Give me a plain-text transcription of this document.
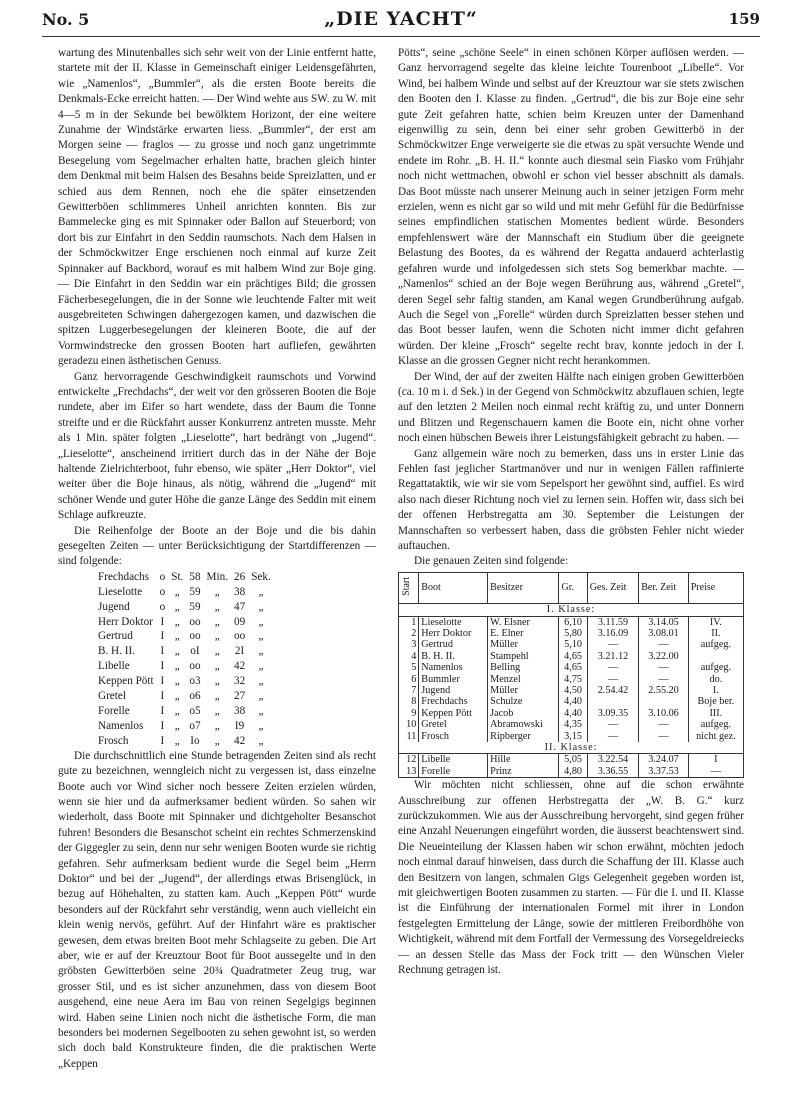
No. 5	„DIE YACHT“	159

wartung des Minutenballes sich sehr weit von der Linie entfernt hatte, startete mit der II. Klasse in Gemeinschaft einiger Leidensgefährten, wie „Namenlos“, „Bummler“, als die ersten Boote bereits die Denkmals-Ecke erreicht hatten. — Der Wind wehte aus SW. zu W. mit 4—5 m in der Sekunde bei bewölktem Horizont, der eine weitere Zunahme der Windstärke erwarten liess. „Bummler“, der erst am Morgen seine — fraglos — zu grosse und noch ganz ungetrimmte Besegelung vom Segelmacher erhalten hatte, brachen gleich hinter dem Denkmal mit beim Halsen des Besahns beide Spreizlatten, und er schied aus dem Rennen, noch ehe die später einsetzenden Gewitterböen schlimmeres Unheil anrichten konnten. Bis zur Bammelecke ging es mit Spinnaker oder Ballon auf Steuerbord; von dort bis zur Einfahrt in den Seddin raumschots. Nach dem Halsen in der Schmöckwitzer Enge erschienen noch einmal auf kurze Zeit Spinnaker auf Backbord, worauf es mit halbem Wind zur Boje ging. — Die Einfahrt in den Seddin war ein prächtiges Bild; die grossen Fächerbesegelungen, die in der Sonne wie leuchtende Falter mit weit ausgebreiteten Schwingen dahergezogen kamen, und dazwischen die spitzen Luggerbesegelungen der kleineren Boote, die auf der Vormwindstrecke den grossen Booten hart aufliefen, gewährten geradezu einen ästhetischen Genuss.

Ganz hervorragende Geschwindigkeit raumschots und Vorwind entwickelte „Frechdachs“, der weit vor den grösseren Booten die Boje rundete, aber im Eifer so hart wendete, dass der Baum die Tonne streifte und er die Rückfahrt ausser Konkurrenz antreten musste. Mehr als 1 Min. später folgten „Lieselotte“, hart bedrängt von „Jugend“. „Lieselotte“, anscheinend irritiert durch das in der Nähe der Boje haltende Zielrichterboot, fuhr ebenso, wie später „Herr Doktor“, viel weiter über die Boje hinaus, als nötig, während die „Jugend“ mit schöner Wende und guter Höhe die ganze Länge des Seddin mit einem Schlage aufkreuzte.

Die Reihenfolge der Boote an der Boje und die bis dahin gesegelten Zeiten — unter Berücksichtigung der Startdifferenzen — sind folgende:

Frechdachs	o	St.	58	Min.	26	Sek.
Lieselotte	o	„	59	„	38	„
Jugend	o	„	59	„	47	„
Herr Doktor	I	„	oo	„	09	„
Gertrud	I	„	oo	„	oo	„
B. H. II.	I	„	oI	„	2I	„
Libelle	I	„	oo	„	42	„
Keppen Pött	I	„	o3	„	32	„
Gretel	I	„	o6	„	27	„
Forelle	I	„	o5	„	38	„
Namenlos	I	„	o7	„	I9	„
Frosch	I	„	Io	„	42	„

Die durchschnittlich eine Stunde betragenden Zeiten sind als recht gute zu bezeichnen, wenngleich nicht zu vergessen ist, dass einzelne Boote auch vor Wind sicher noch bessere Zeiten erzielen würden, wenn sie hier und da aufmerksamer bedient würden. So sahen wir wiederholt, dass Boote mit Spinnaker und dichtgeholter Besanschot fuhren! Besonders die Besanschot scheint ein rechtes Schmerzenskind der Giggegler zu sein, denn nur sehr wenigen Booten wurde sie richtig gefahren. Sehr aufmerksam bedient wurde die Segel beim „Herrn Doktor“ und bei der „Jugend“, der allerdings etwas Brisenglück, in bezug auf Höhehalten, zu statten kam. Auch „Keppen Pött“ wurde besonders auf der Rückfahrt sehr verständig, wenn auch vielleicht ein klein wenig nervös, geführt. Auf der Hinfahrt wäre es praktischer gewesen, dem etwas breiten Boot mehr Schlagseite zu geben. Die Art aber, wie er auf der Kreuztour Boot für Boot aussegelte und in den gröbsten Gewitterböen seine 20¾ Quadratmeter Zeug trug, war grosser Stil, und es ist sicher anzunehmen, dass von diesem Boot ausgehend, eine neue Aera im Bau von reinen Segelgigs beginnen wird. Haben seine Linien noch nicht die ästhetische Form, die man besonders bei modernen Segelbooten zu sehen gewohnt ist, so werden sich doch bald Konstrukteure finden, die die praktischen Werte „Keppen

Pötts“, seine „schöne Seele“ in einen schönen Körper auflösen werden. — Ganz hervorragend segelte das kleine leichte Tourenboot „Libelle“. Vor Wind, bei halbem Winde und selbst auf der Kreuztour war sie stets zwischen den Booten den I. Klasse zu finden. „Gertrud“, die bis zur Boje eine sehr gute Zeit gefahren hatte, schien beim Kreuzen unter der Damenhand eigenwillig zu sein, denn bei einer sehr groben Gewitterbö in der Schmöckwitzer Enge verweigerte sie die etwas zu spät versuchte Wende und endete im Rohr. „B. H. II.“ konnte auch diesmal sein Fiasko vom Frühjahr noch nicht wettmachen, obwohl er schon viel besser abschnitt als damals. Das Boot müsste nach unserer Meinung auch in seiner jetzigen Form mehr erzielen, wenn es nicht gar so wild und mit mehr Gefühl für die Bedürfnisse seines empfindlichen statischen Momentes bedient würde. Besonders empfehlenswert wäre der Mannschaft ein Studium über die geeignete Belastung des Bootes, da es während der Regatta andauerd achterlastig gefahren wurde und infolgedessen sich stets Sog bemerkbar machte. — „Namenlos“ schied an der Boje wegen Berührung aus, während „Gretel“, deren Segel sehr faltig standen, am Kanal wegen Grundberührung aufgab. Auch die Segel von „Forelle“ würden durch Spreizlatten besser stehen und das Boot besser laufen, wenn die Schoten nicht immer dicht gefahren würden. Der kleine „Frosch“ segelte recht brav, konnte jedoch in der I. Klasse an die grossen Gegner nicht recht herankommen.

Der Wind, der auf der zweiten Hälfte nach einigen groben Gewitterböen (ca. 10 m i. d Sek.) in der Gegend von Schmöckwitz abzuflauen schien, legte auf den letzten 2 Meilen noch einmal recht kräftig zu, und unter Donnern und Blitzen und Regenschauern kamen die Boote ein, nicht ohne vorher noch einen hübschen Beweis ihrer Leistungsfähigkeit gebracht zu haben. —

Ganz allgemein wäre noch zu bemerken, dass uns in erster Linie das Fehlen fast jeglicher Startmanöver und nur in wenigen Fällen raffinierte Regattataktik, wie wir sie vom Sepelsport her gewöhnt sind, auffiel. Es wird also nach dieser Richtung noch viel zu lernen sein. Hoffen wir, dass sich bei der offenen Herbstregatta am 30. September die Leistungen der Mannschaften so verbessert haben, dass die gröbsten Fehler nicht wieder auftauchen.

Die genauen Zeiten sind folgende:

Start	Boot	Besitzer	Gr.	Ges. Zeit	Ber. Zeit	Preise
I. Klasse:						
1	Lieselotte	W. Elsner	6,10	3.11.59	3.14.05	IV.
2	Herr Doktor	E. Elner	5,80	3.16.09	3.08.01	II.
3	Gertrud	Müller	5,10	—	—	aufgeg.
4	B. H. II.	Stampehl	4,65	3.21.12	3.22.00	
5	Namenlos	Belling	4,65	—	—	aufgeg.
6	Bummler	Menzel	4,75	—	—	do.
7	Jugend	Müller	4,50	2.54.42	2.55.20	I.
8	Frechdachs	Schulze	4,40			Boje ber.
9	Keppen Pött	Jacob	4,40	3.09.35	3.10.06	III.
10	Gretel	Abramowski	4,35	—	—	aufgeg.
11	Frosch	Ripberger	3,15	—	—	nicht gez.
II. Klasse:						
12	Libelle	Hille	5,05	3.22.54	3.24.07	I
13	Forelle	Prinz	4,80	3.36.55	3.37.53	—

Wir möchten nicht schliessen, ohne auf die schon erwähnte Ausschreibung zur offenen Herbstregatta der „W. B. G.“ kurz zurückzukommen. Wie aus der Ausschreibung hervorgeht, sind gegen früher eine Anzahl Neuerungen eingeführt worden, die äusserst beachtenswert sind. Die Neueinteilung der Klassen haben wir schon erwähnt, möchten jedoch noch einmal darauf hinweisen, dass durch die Schaffung der III. Klasse auch den Besitzern von langen, schmalen Gigs Gelegenheit gegeben worden ist, mit gleichwertigen Booten zusammen zu starten. — Für die I. und II. Klasse ist die Einführung der internationalen Formel mit ihrer in London festgelegten Ermittelung der Länge, sowie der mittleren Freibordhöhe von Wichtigkeit, während mit dem Fortfall der Vermessung des Vorsegeldreiecks — an dessen Stelle das Mass der Fock tritt — den Wünschen Vieler Rechnung getragen ist.
